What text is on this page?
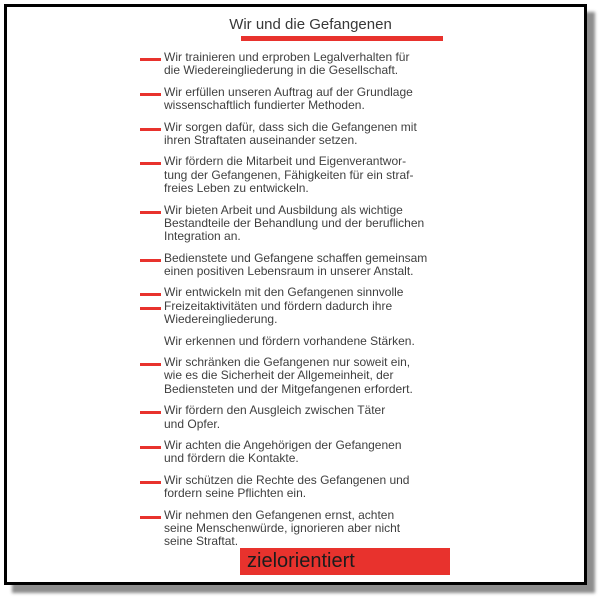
Wir und die Gefangenen
Wir trainieren und erproben Legalverhalten für
die Wiedereingliederung in die Gesellschaft.
Wir erfüllen unseren Auftrag auf der Grundlage
wissenschaftlich fundierter Methoden.
Wir sorgen dafür, dass sich die Gefangenen mit
ihren Straftaten auseinander setzen.
Wir fördern die Mitarbeit und Eigenverantwor-
tung der Gefangenen, Fähigkeiten für ein straf-
freies Leben zu entwickeln.
Wir bieten Arbeit und Ausbildung als wichtige
Bestandteile der Behandlung und der beruflichen
Integration an.
Bedienstete und Gefangene schaffen gemeinsam
einen positiven Lebensraum in unserer Anstalt.
Wir entwickeln mit den Gefangenen sinnvolle
Freizeitaktivitäten und fördern dadurch ihre
Wiedereingliederung.
Wir erkennen und fördern vorhandene Stärken.
Wir schränken die Gefangenen nur soweit ein,
wie es die Sicherheit der Allgemeinheit, der
Bediensteten und der Mitgefangenen erfordert.
Wir fördern den Ausgleich zwischen Täter
und Opfer.
Wir achten die Angehörigen der Gefangenen
und fördern die Kontakte.
Wir schützen die Rechte des Gefangenen und
fordern seine Pflichten ein.
Wir nehmen den Gefangenen ernst, achten
seine Menschenwürde, ignorieren aber nicht
seine Straftat.
zielorientiert
